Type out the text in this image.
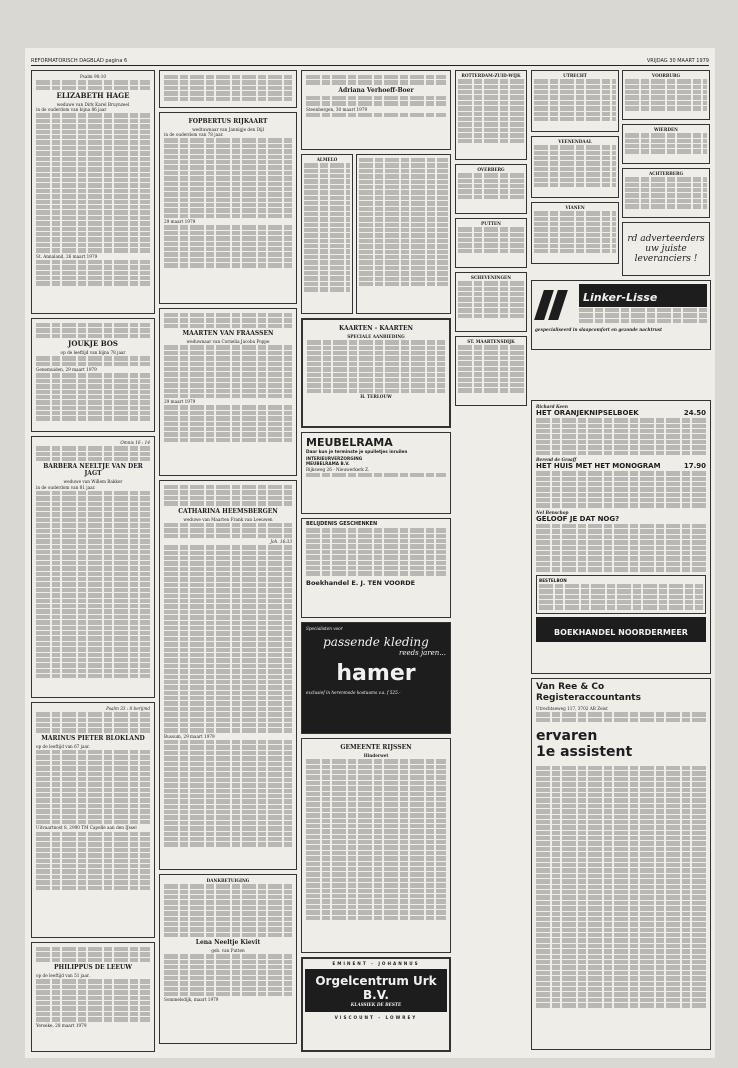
REFORMATORISCH DAGBLAD pagina 6	VRIJDAG 30 MAART 1979
Psalm 90:10
ELIZABETH HAGE
weduwe van Dirk Karel Bruynzeel
in de ouderdom van bijna 86 jaar
St. Annaland, 26 maart 1979
JOUKJE BOS
op de leeftijd van bijna 78 jaar
Genemuiden, 29 maart 1979
Omnis 16 : 14
BARBERA NEELTJE VAN DER JAGT
weduwe van Willem Bakker
in de ouderdom van 81 jaar.
Psalm 33 : 8 berijmd
MARINUS PIETER BLOKLAND
op de leeftijd van 67 jaar.
Uitvaartnost 8, 2900 TM Capelle aan den IJssel
PHILIPPUS DE LEEUW
op de leeftijd van 51 jaar.
Yerseke, 28 maart 1979
FOPBERTUS RIJKAART
wedtuwnaar van Jannigje den Dijl
in de ouderdom van 78 jaar.
29 maart 1979
MAARTEN VAN FRAASSEN
weduwnaar van Cornelia Jacoba Poppe
29 maart 1979
CATHARINA HEEMSBERGEN
weduwe van Maarten Frank van Leeuwen
Joh. 16:33
Bussum, 29 maart 1979
DANKBETUIGING
Lena Neeltje Kievit
geb. van Putten
Sommelsdijk, maart 1979
Adriana Verhoeff-Boer
Steenbergen, 30 maart 1979
ALMELO
KAARTEN - KAARTEN
SPECIALE AANBIEDING
H. TERLOUW
MEUBELRAMA
Daar kun je terminste je spulletjes inruilen
INTERIEURVERZORGING
MEUBELRAMA B.V.
Rijksweg 26 - Nieuwerkerk Z.
BELIJDENIS GESCHENKEN
Boekhandel E. J. TEN VOORDE
Specialisten voor
passende kleding
reeds jaren...
hamer
exclusief in herenmode kostuums v.a. f 525.-
GEMEENTE RIJSSEN
Hinderwet
EMINENT - JOHANNUS
Orgelcentrum Urk B.V.
KLASSIEK DE BESTE
VISCOUNT - LOWREY
ROTTERDAM-ZUID-WIJK
OVERBERG
PUTTEN
SCHEVENINGEN
ST. MAARTENSDIJK
UTRECHT
VEENENDAAL
VIANEN
VOORBURG
WIERDEN
ACHTERBERG
rd adverteerders uw juiste leveranciers !
Linker-Lisse
gespecialiseerd in slaapcomfort en gezonde nachtrust
Richard Keen
HET ORANJEKNIPSELBOEK	24.50
Berend de Graaff
HET HUIS MET HET MONOGRAM	17.90
Nel Benschop
GELOOF JE DAT NOG?
BESTELBON
BOEKHANDEL NOORDERMEER
Van Ree & Co Registeraccountants
Utrechtseweg 117, 3702 AB Zeist
ervaren
1e assistent
